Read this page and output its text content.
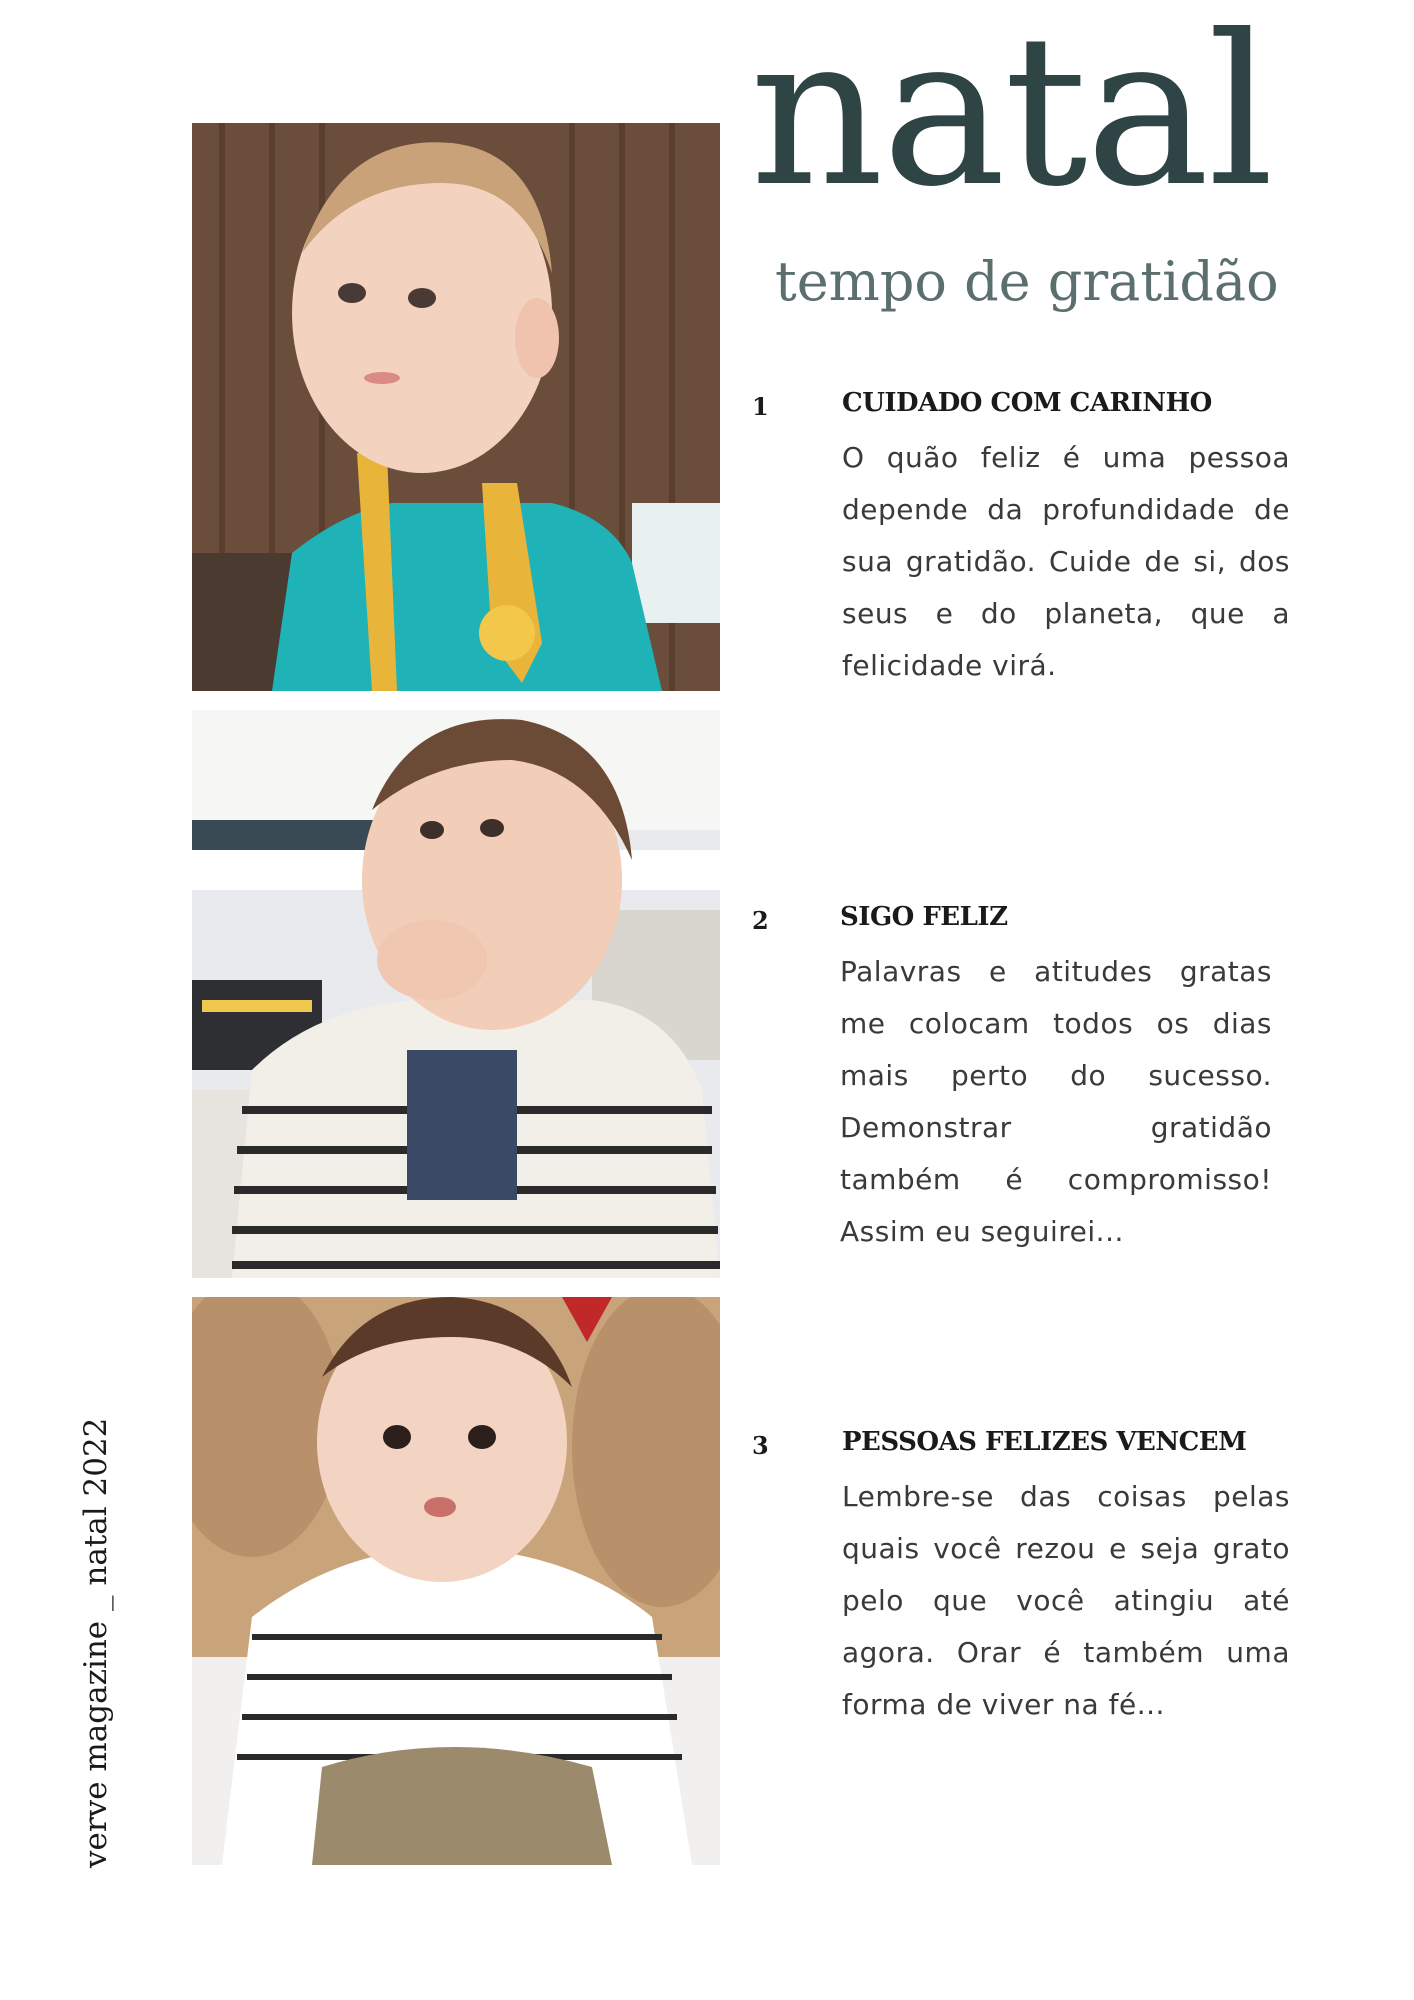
natal
tempo de gratidão
1	CUIDADO COM CARINHO
O quão feliz é uma pessoa depende da profundidade de sua gratidão. Cuide de si, dos seus e do planeta, que a felicidade virá.
2	SIGO FELIZ
Palavras e atitudes gratas me colocam todos os dias mais perto do sucesso. Demonstrar gratidão também é compromisso! Assim eu seguirei...
3	PESSOAS FELIZES VENCEM
Lembre-se das coisas pelas quais você rezou e seja grato pelo que você atingiu até agora. Orar é também uma forma de viver na fé...
verve magazine _ natal 2022
